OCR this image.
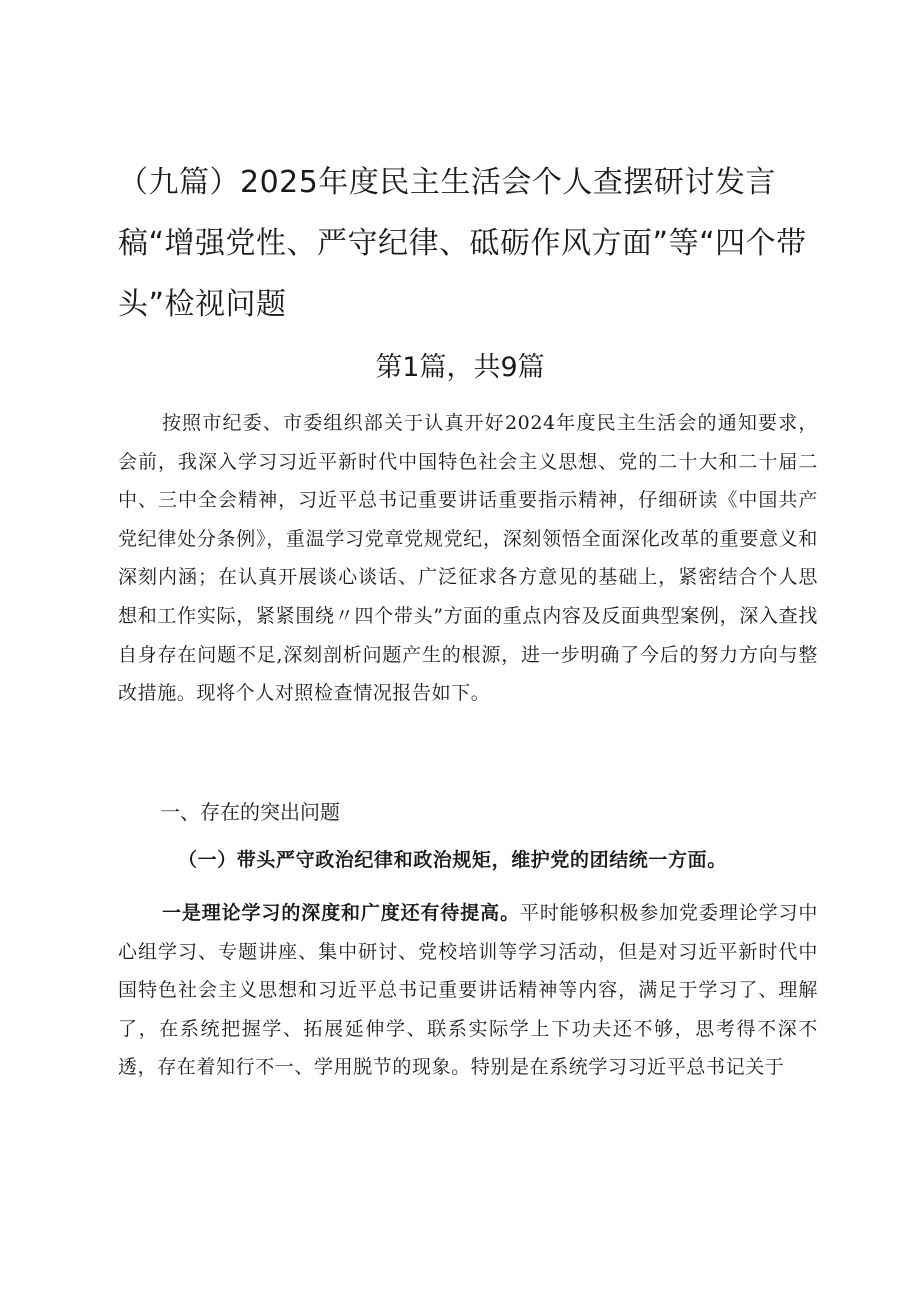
（九篇）2025年度民主生活会个人查摆研讨发言稿“增强党性、严守纪律、砥砺作风方面”等“四个带头”检视问题
第1篇，共9篇

按照市纪委、市委组织部关于认真开好2024年度民主生活会的通知要求，会前，我深入学习习近平新时代中国特色社会主义思想、党的二十大和二十届二中、三中全会精神，习近平总书记重要讲话重要指示精神，仔细研读《中国共产党纪律处分条例》，重温学习党章党规党纪，深刻领悟全面深化改革的重要意义和深刻内涵；在认真开展谈心谈话、广泛征求各方意见的基础上，紧密结合个人思想和工作实际，紧紧围绕〃四个带头”方面的重点内容及反面典型案例，深入查找自身存在问题不足,深刻剖析问题产生的根源，进一步明确了今后的努力方向与整改措施。现将个人对照检查情况报告如下。

一、存在的突出问题
（一）带头严守政治纪律和政治规矩，维护党的团结统一方面。

一是理论学习的深度和广度还有待提高。平时能够积极参加党委理论学习中心组学习、专题讲座、集中研讨、党校培训等学习活动，但是对习近平新时代中国特色社会主义思想和习近平总书记重要讲话精神等内容，满足于学习了、理解了，在系统把握学、拓展延伸学、联系实际学上下功夫还不够，思考得不深不透，存在着知行不一、学用脱节的现象。特别是在系统学习习近平总书记关于
